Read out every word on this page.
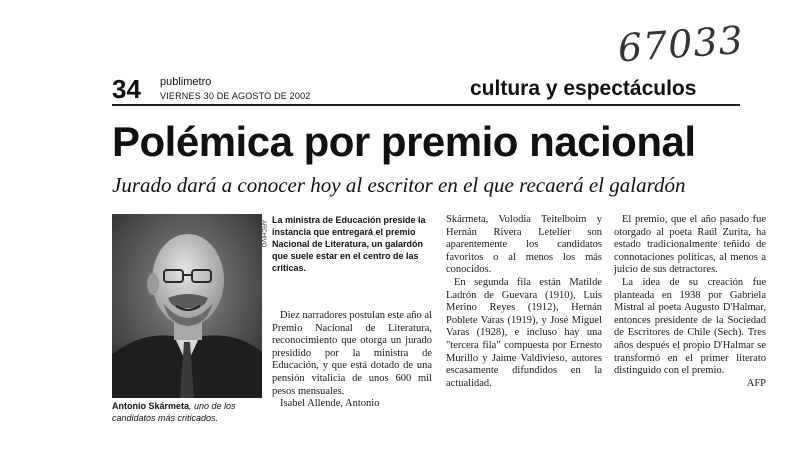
67033
34 publimetro
VIERNES 30 DE AGOSTO DE 2002	cultura y espectáculos
Polémica por premio nacional
Jurado dará a conocer hoy al escritor en el que recaerá el galardón
ARCHIVO
Antonio Skármeta, uno de los candidatos más criticados.
La ministra de Educación preside la instancia que entregará el premio Nacional de Literatura, un galardón que suele estar en el centro de las críticas.

Diez narradores postulan este año al Premio Nacional de Literatura, reconocimiento que otorga un jurado presidido por la ministra de Educación, y que está dotado de una pensión vitalicia de unos 600 mil pesos mensuales.

Isabel Allende, Antonio

Skármeta, Volodia Teitelboim y Hernán Rivera Letelier son aparentemente los candidatos favoritos o al menos los más conocidos.

En segunda fila están Matilde Ladrón de Guevara (1910), Luis Merino Reyes (1912), Hernán Poblete Varas (1919), y José Miguel Varas (1928), e incluso hay una "tercera fila" compuesta por Ernesto Murillo y Jaime Valdivieso, autores escasamente difundidos en la actualidad.

El premio, que el año pasado fue otorgado al poeta Raúl Zurita, ha estado tradicionalmente teñido de connotaciones políticas, al menos a juicio de sus detractores.

La idea de su creación fue planteada en 1938 por Gabriela Mistral al poeta Augusto D'Halmar, entonces presidente de la Sociedad de Escritores de Chile (Sech). Tres años después el propio D'Halmar se transformó en el primer literato distinguido con el premio.

AFP
